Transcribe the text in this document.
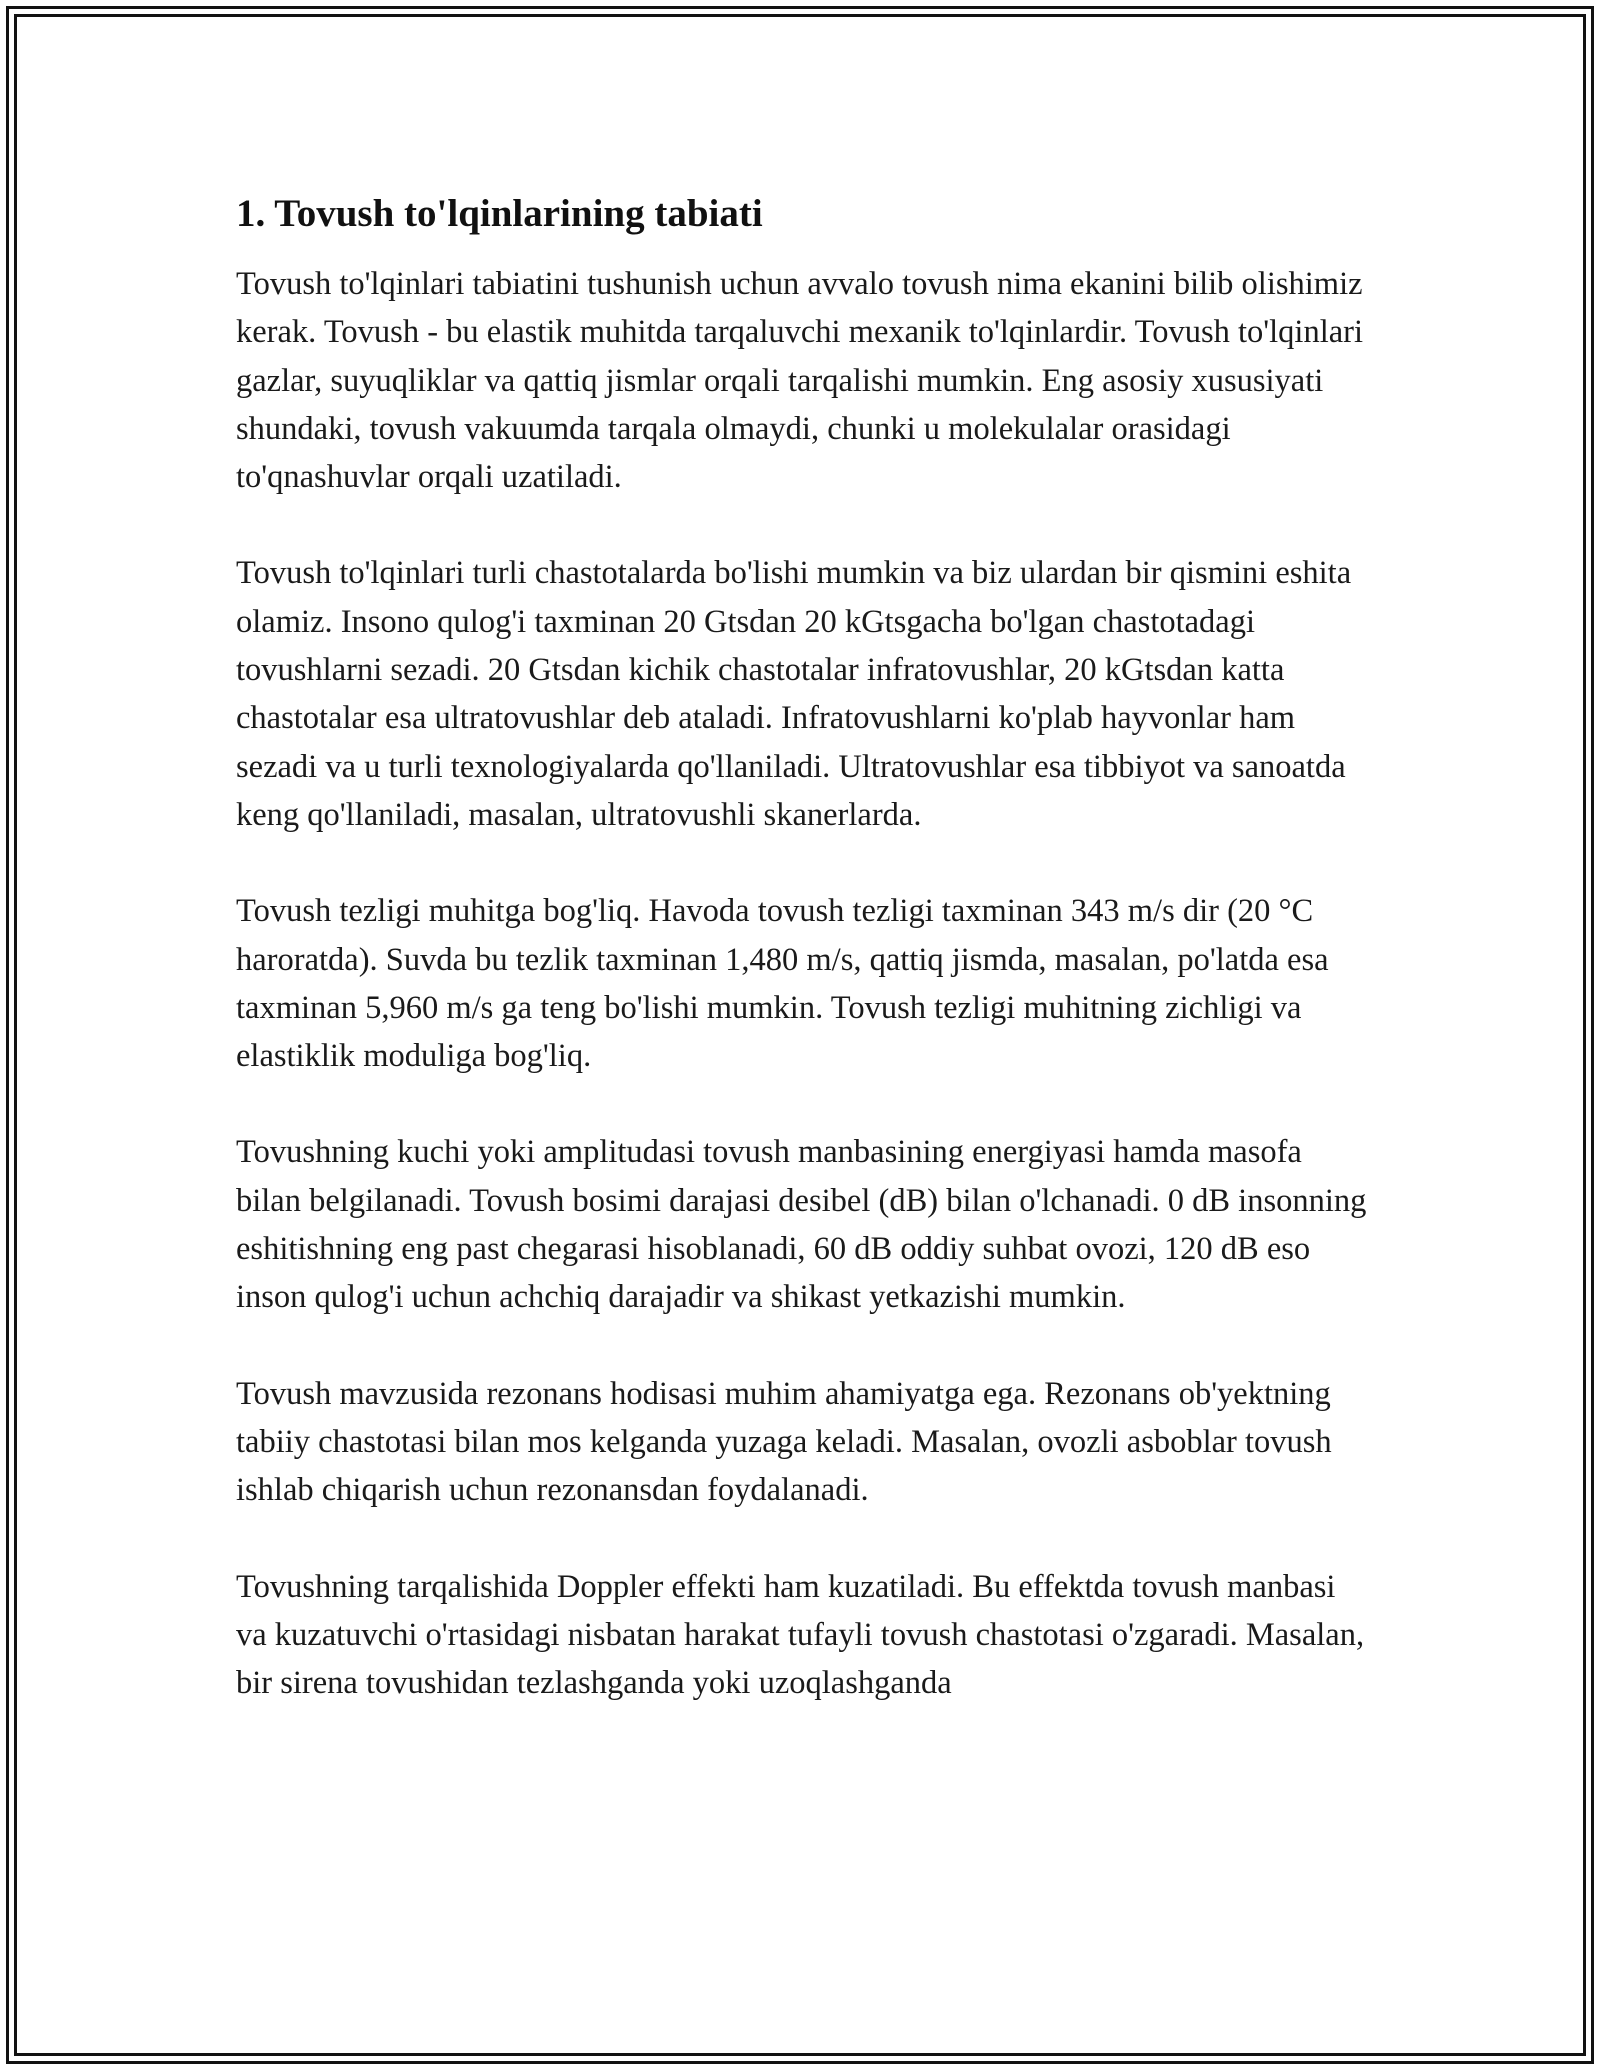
1. Tovush to'lqinlarining tabiati

Tovush to'lqinlari tabiatini tushunish uchun avvalo tovush nima ekanini bilib olishimiz kerak. Tovush - bu elastik muhitda tarqaluvchi mexanik to'lqinlardir. Tovush to'lqinlari gazlar, suyuqliklar va qattiq jismlar orqali tarqalishi mumkin. Eng asosiy xususiyati shundaki, tovush vakuumda tarqala olmaydi, chunki u molekulalar orasidagi to'qnashuvlar orqali uzatiladi.

Tovush to'lqinlari turli chastotalarda bo'lishi mumkin va biz ulardan bir qismini eshita olamiz. Insono qulog'i taxminan 20 Gtsdan 20 kGtsgacha bo'lgan chastotadagi tovushlarni sezadi. 20 Gtsdan kichik chastotalar infratovushlar, 20 kGtsdan katta chastotalar esa ultratovushlar deb ataladi. Infratovushlarni ko'plab hayvonlar ham sezadi va u turli texnologiyalarda qo'llaniladi. Ultratovushlar esa tibbiyot va sanoatda keng qo'llaniladi, masalan, ultratovushli skanerlarda.

Tovush tezligi muhitga bog'liq. Havoda tovush tezligi taxminan 343 m/s dir (20 °C haroratda). Suvda bu tezlik taxminan 1,480 m/s, qattiq jismda, masalan, po'latda esa taxminan 5,960 m/s ga teng bo'lishi mumkin. Tovush tezligi muhitning zichligi va elastiklik moduliga bog'liq.

Tovushning kuchi yoki amplitudasi tovush manbasining energiyasi hamda masofa bilan belgilanadi. Tovush bosimi darajasi desibel (dB) bilan o'lchanadi. 0 dB insonning eshitishning eng past chegarasi hisoblanadi, 60 dB oddiy suhbat ovozi, 120 dB eso inson qulog'i uchun achchiq darajadir va shikast yetkazishi mumkin.

Tovush mavzusida rezonans hodisasi muhim ahamiyatga ega. Rezonans ob'yektning tabiiy chastotasi bilan mos kelganda yuzaga keladi. Masalan, ovozli asboblar tovush ishlab chiqarish uchun rezonansdan foydalanadi.

Tovushning tarqalishida Doppler effekti ham kuzatiladi. Bu effektda tovush manbasi va kuzatuvchi o'rtasidagi nisbatan harakat tufayli tovush chastotasi o'zgaradi. Masalan, bir sirena tovushidan tezlashganda yoki uzoqlashganda
